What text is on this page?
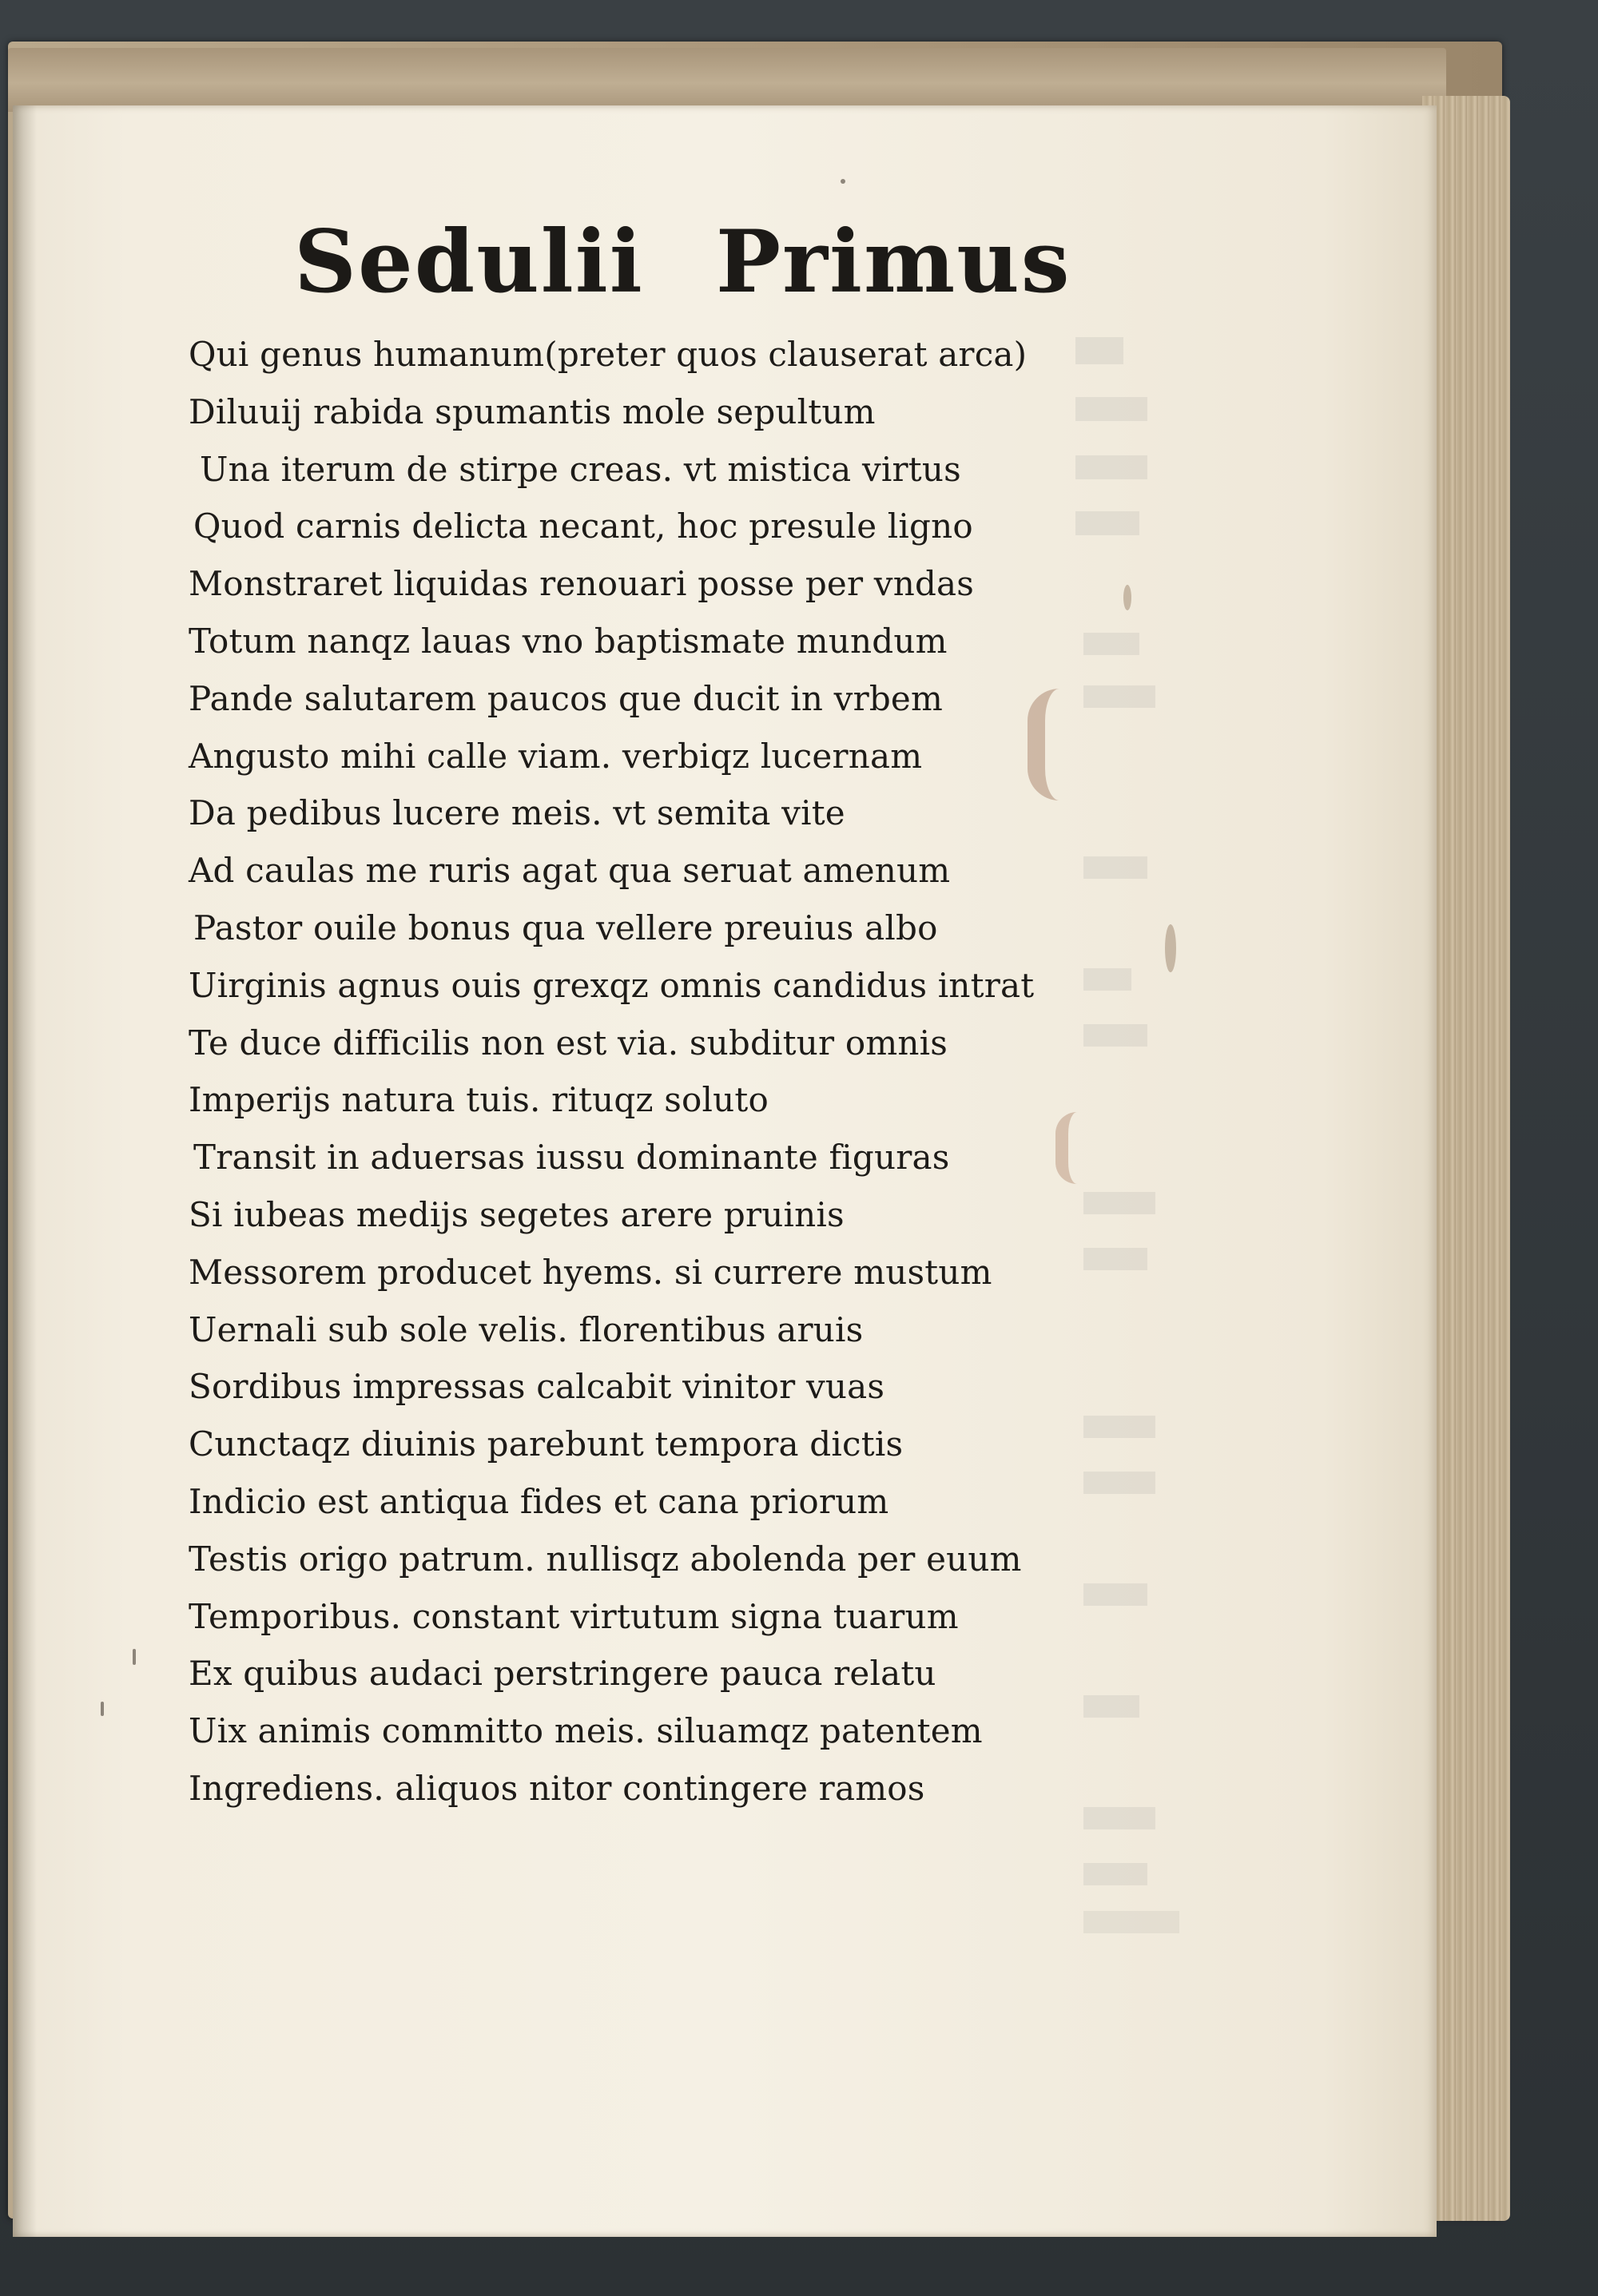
Sedulii Primus
Qui genus humanum(preter quos clauserat arca)
Diluuij rabida spumantis mole sepultum
Una iterum de stirpe creas. vt mistica virtus
Quod carnis delicta necant, hoc presule ligno
Monstraret liquidas renouari posse per vndas
Totum nanqz lauas vno baptismate mundum
Pande salutarem paucos que ducit in vrbem
Angusto mihi calle viam. verbiqz lucernam
Da pedibus lucere meis. vt semita vite
Ad caulas me ruris agat qua seruat amenum
Pastor ouile bonus qua vellere preuius albo
Uirginis agnus ouis grexqz omnis candidus intrat
Te duce difficilis non est via. subditur omnis
Imperijs natura tuis. rituqz soluto
Transit in aduersas iussu dominante figuras
Si iubeas medijs segetes arere pruinis
Messorem producet hyems. si currere mustum
Uernali sub sole velis. florentibus aruis
Sordibus impressas calcabit vinitor vuas
Cunctaqz diuinis parebunt tempora dictis
Indicio est antiqua fides et cana priorum
Testis origo patrum. nullisqz abolenda per euum
Temporibus. constant virtutum signa tuarum
Ex quibus audaci perstringere pauca relatu
Uix animis committo meis. siluamqz patentem
Ingrediens. aliquos nitor contingere ramos
